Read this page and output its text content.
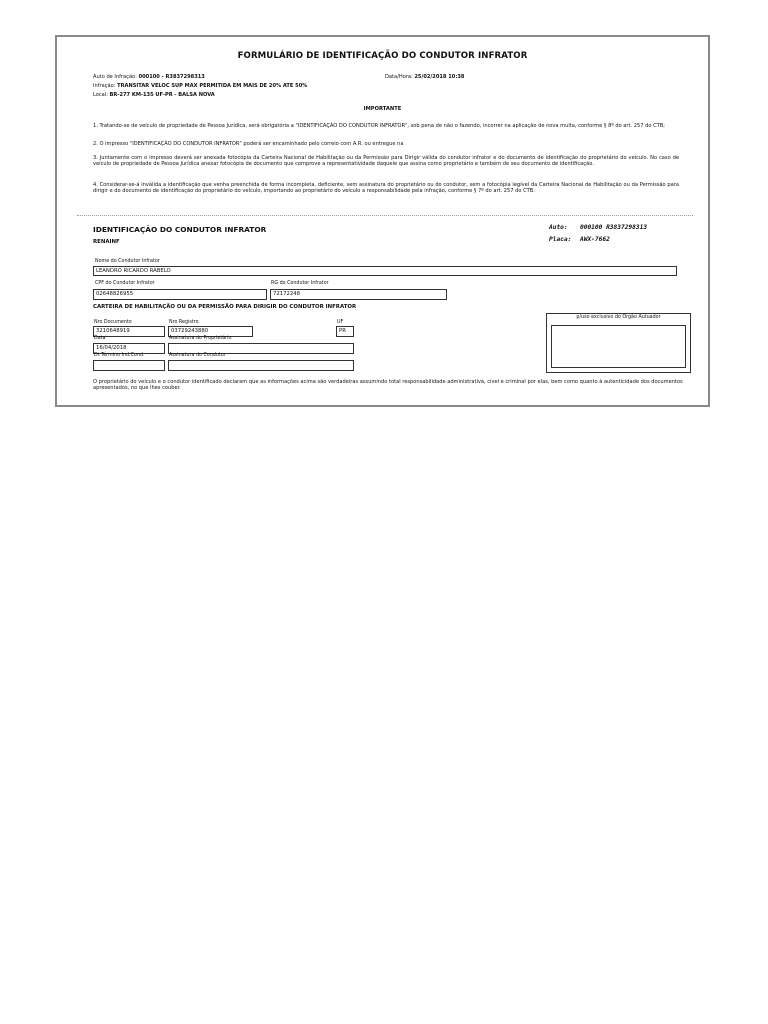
FORMULÁRIO DE IDENTIFICAÇÃO DO CONDUTOR INFRATOR
Auto de Infração: 000100 - R3837298313	Data/Hora: 25/02/2018 10:38
Infração: TRANSITAR VELOC SUP MAX PERMITIDA EM MAIS DE 20% ATE 50%
Local: BR-277 KM-135 UF-PR - BALSA NOVA
IMPORTANTE
1. Tratando-se de veículo de propriedade de Pessoa Jurídica, será obrigatória a "IDENTIFICAÇÃO DO CONDUTOR INFRATOR", sob pena de não o fazendo, incorrer na aplicação de nova multa, conforme § 8º do art. 257 do CTB;
2. O impresso "IDENTIFICAÇÃO DO CONDUTOR INFRATOR" poderá ser encaminhado pelo correio com A.R. ou entregue na
3. Juntamente com o impresso deverá ser anexada fotocópia da Carteira Nacional de Habilitação ou da Permissão para Dirigir válida do condutor infrator e do documento de identificação do proprietário do veículo. No caso de veículo de propriedade de Pessoa Jurídica anexar fotocópia de documento que comprove a representatividade daquele que assina como proprietário e também de seu documento de identificação.
4. Considerar-se-á inválida a identificação que venha preenchida de forma incompleta, deficiente, sem assinatura do proprietário ou do condutor, sem a fotocópia legível da Carteira Nacional de Habilitação ou da Permissão para dirigir e do documento de identificação do proprietário do veículo, importando ao proprietário do veículo a responsabilidade pela infração, conforme § 7º do art. 257 do CTB.
IDENTIFICAÇÃO DO CONDUTOR INFRATOR
RENAINF
Auto: 000100 R3837298313
Placa: AWX-7662
Nome do Condutor Infrator
LEANDRO RICARDO RABELO
CPF do Condutor Infrator
02648826955
RG do Condutor Infrator
72172248
CARTEIRA DE HABILITAÇÃO OU DA PERMISSÃO PARA DIRIGIR DO CONDUTOR INFRATOR
Nro Documento
3210648919
Nro Registro
03729243880
UF
PR
Data
16/04/2018
Assinatura do Proprietário
Dt Término Ind.Cond.	Assinatura do Condutor
p/uso exclusivo do Órgão Autuador
O proprietário do veículo e o condutor identificado declaram que as informações acima são verdadeiras assumindo total responsabilidade administrativa, cível e criminal por elas, bem como quanto à autenticidade dos documentos apresentados, no que lhes couber.
